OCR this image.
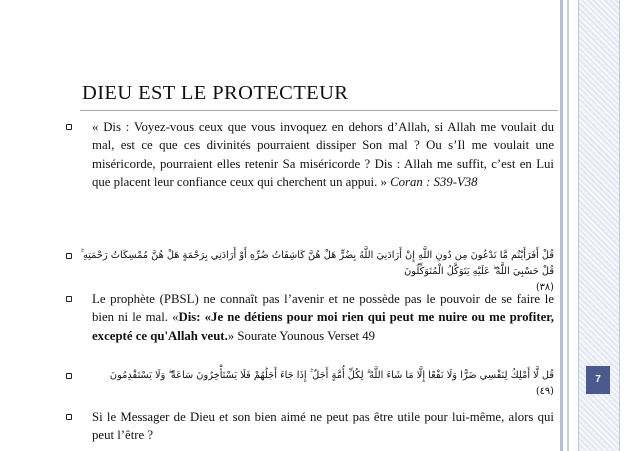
DIEU EST LE PROTECTEUR
« Dis : Voyez-vous ceux que vous invoquez en dehors d’Allah, si Allah me voulait du mal, est ce que ces divinités pourraient dissiper Son mal ? Ou s’Il me voulait une miséricorde, pourraient elles retenir Sa miséricorde ? Dis : Allah me suffit, c’est en Lui que placent leur confiance ceux qui cherchent un appui. » Coran : S39-V38
قُلْ أَفَرَأَيْتُم مَّا تَدْعُونَ مِن دُونِ اللَّهِ إِنْ أَرَادَنِيَ اللَّهُ بِضُرٍّ هَلْ هُنَّ كَاشِفَاتُ ضُرِّهِ أَوْ أَرَادَنِي بِرَحْمَةٍ هَلْ هُنَّ مُمْسِكَاتُ رَحْمَتِهِ ۚ قُلْ حَسْبِيَ اللَّهُ ۖ عَلَيْهِ يَتَوَكَّلُ الْمُتَوَكِّلُونَ
(٣٨)
Le prophète (PBSL) ne connaît pas l’avenir et ne possède pas le pouvoir de se faire le bien ni le mal. «Dis: «Je ne détiens pour moi rien qui peut me nuire ou me profiter, excepté ce qu'Allah veut.» Sourate Younous Verset 49
قُل لَّا أَمْلِكُ لِنَفْسِي ضَرًّا وَلَا نَفْعًا إِلَّا مَا شَاءَ اللَّهُ ۗ لِكُلِّ أُمَّةٍ أَجَلٌ ۚ إِذَا جَاءَ أَجَلُهُمْ فَلَا يَسْتَأْخِرُونَ سَاعَةً ۖ وَلَا يَسْتَقْدِمُونَ
(٤٩)
Si le Messager de Dieu et son bien aimé ne peut pas être utile pour lui-même, alors qui peut l’être ?
7
